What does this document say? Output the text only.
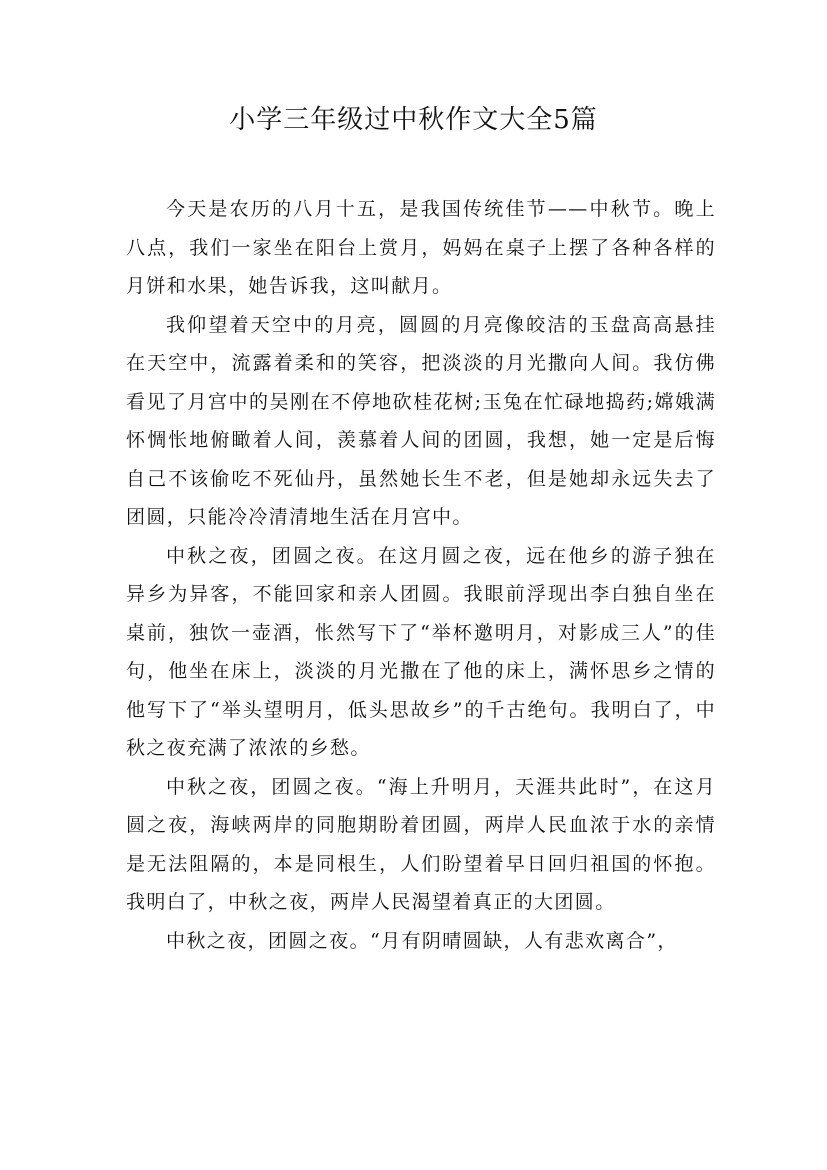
小学三年级过中秋作文大全5篇

今天是农历的八月十五，是我国传统佳节——中秋节。晚上八点，我们一家坐在阳台上赏月，妈妈在桌子上摆了各种各样的月饼和水果，她告诉我，这叫献月。

我仰望着天空中的月亮，圆圆的月亮像皎洁的玉盘高高悬挂在天空中，流露着柔和的笑容，把淡淡的月光撒向人间。我仿佛看见了月宫中的吴刚在不停地砍桂花树;玉兔在忙碌地捣药;嫦娥满怀惆怅地俯瞰着人间，羡慕着人间的团圆，我想，她一定是后悔自己不该偷吃不死仙丹，虽然她长生不老，但是她却永远失去了团圆，只能冷冷清清地生活在月宫中。

中秋之夜，团圆之夜。在这月圆之夜，远在他乡的游子独在异乡为异客，不能回家和亲人团圆。我眼前浮现出李白独自坐在桌前，独饮一壶酒，怅然写下了“举杯邀明月，对影成三人”的佳句，他坐在床上，淡淡的月光撒在了他的床上，满怀思乡之情的他写下了“举头望明月，低头思故乡”的千古绝句。我明白了，中秋之夜充满了浓浓的乡愁。

中秋之夜，团圆之夜。“海上升明月，天涯共此时”，在这月圆之夜，海峡两岸的同胞期盼着团圆，两岸人民血浓于水的亲情是无法阻隔的，本是同根生，人们盼望着早日回归祖国的怀抱。我明白了，中秋之夜，两岸人民渴望着真正的大团圆。

中秋之夜，团圆之夜。“月有阴晴圆缺，人有悲欢离合”，
